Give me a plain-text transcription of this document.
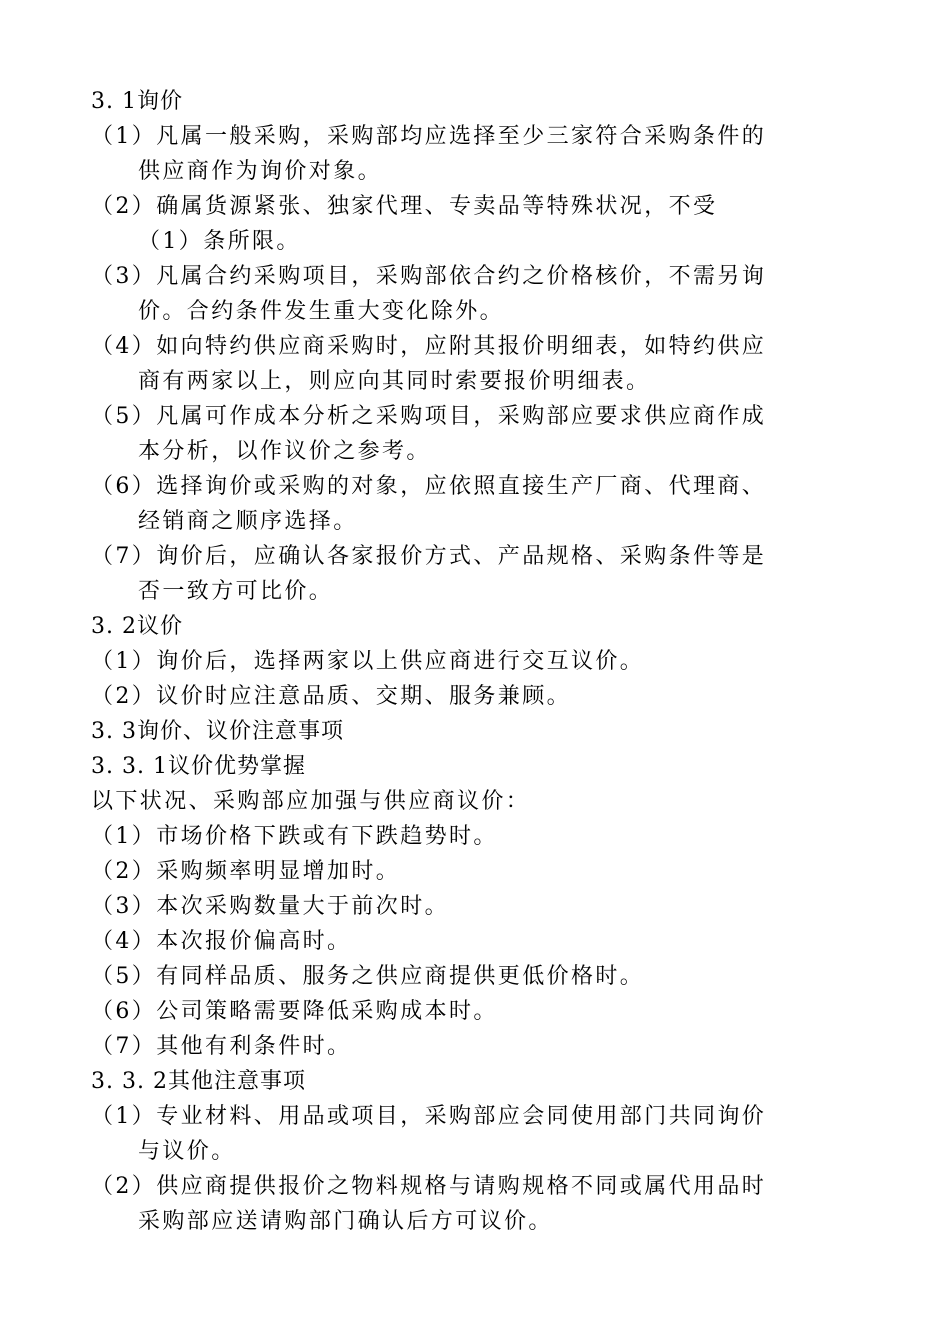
3. 1询价
（1）凡属一般采购，采购部均应选择至少三家符合采购条件的
供应商作为询价对象。
（2）确属货源紧张、独家代理、专卖品等特殊状况，不受
（1）条所限。
（3）凡属合约采购项目，采购部依合约之价格核价，不需另询
价。合约条件发生重大变化除外。
（4）如向特约供应商采购时，应附其报价明细表，如特约供应
商有两家以上，则应向其同时索要报价明细表。
（5）凡属可作成本分析之采购项目，采购部应要求供应商作成
本分析，以作议价之参考。
（6）选择询价或采购的对象，应依照直接生产厂商、代理商、
经销商之顺序选择。
（7）询价后，应确认各家报价方式、产品规格、采购条件等是
否一致方可比价。
3. 2议价
（1）询价后，选择两家以上供应商进行交互议价。
（2）议价时应注意品质、交期、服务兼顾。
3. 3询价、议价注意事项
3. 3. 1议价优势掌握
以下状况、采购部应加强与供应商议价：
（1）市场价格下跌或有下跌趋势时。
（2）采购频率明显增加时。
（3）本次采购数量大于前次时。
（4）本次报价偏高时。
（5）有同样品质、服务之供应商提供更低价格时。
（6）公司策略需要降低采购成本时。
（7）其他有利条件时。
3. 3. 2其他注意事项
（1）专业材料、用品或项目，采购部应会同使用部门共同询价
与议价。
（2）供应商提供报价之物料规格与请购规格不同或属代用品时
采购部应送请购部门确认后方可议价。
